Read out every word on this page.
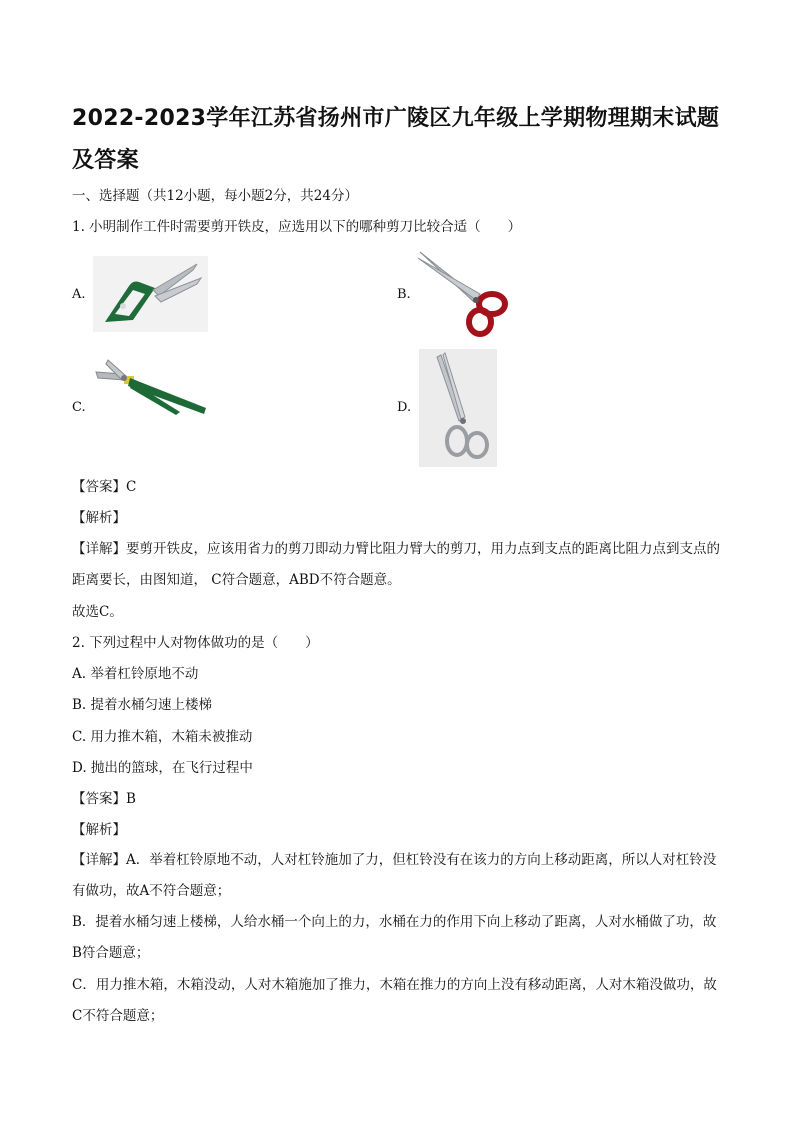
2022-2023学年江苏省扬州市广陵区九年级上学期物理期末试题及答案
一、选择题（共12小题，每小题2分，共24分）
1. 小明制作工件时需要剪开铁皮，应选用以下的哪种剪刀比较合适（　　）
A.	B.
C.	D.
【答案】C
【解析】
【详解】要剪开铁皮，应该用省力的剪刀即动力臂比阻力臂大的剪刀，用力点到支点的距离比阻力点到支点的距离要长，由图知道， C符合题意，ABD不符合题意。
故选C。
2. 下列过程中人对物体做功的是（　　）
A. 举着杠铃原地不动
B. 提着水桶匀速上楼梯
C. 用力推木箱，木箱未被推动
D. 抛出的篮球，在飞行过程中
【答案】B
【解析】
【详解】A．举着杠铃原地不动，人对杠铃施加了力，但杠铃没有在该力的方向上移动距离，所以人对杠铃没有做功，故A不符合题意；
B．提着水桶匀速上楼梯，人给水桶一个向上的力，水桶在力的作用下向上移动了距离，人对水桶做了功，故B符合题意；
C．用力推木箱，木箱没动，人对木箱施加了推力，木箱在推力的方向上没有移动距离，人对木箱没做功，故C不符合题意；
